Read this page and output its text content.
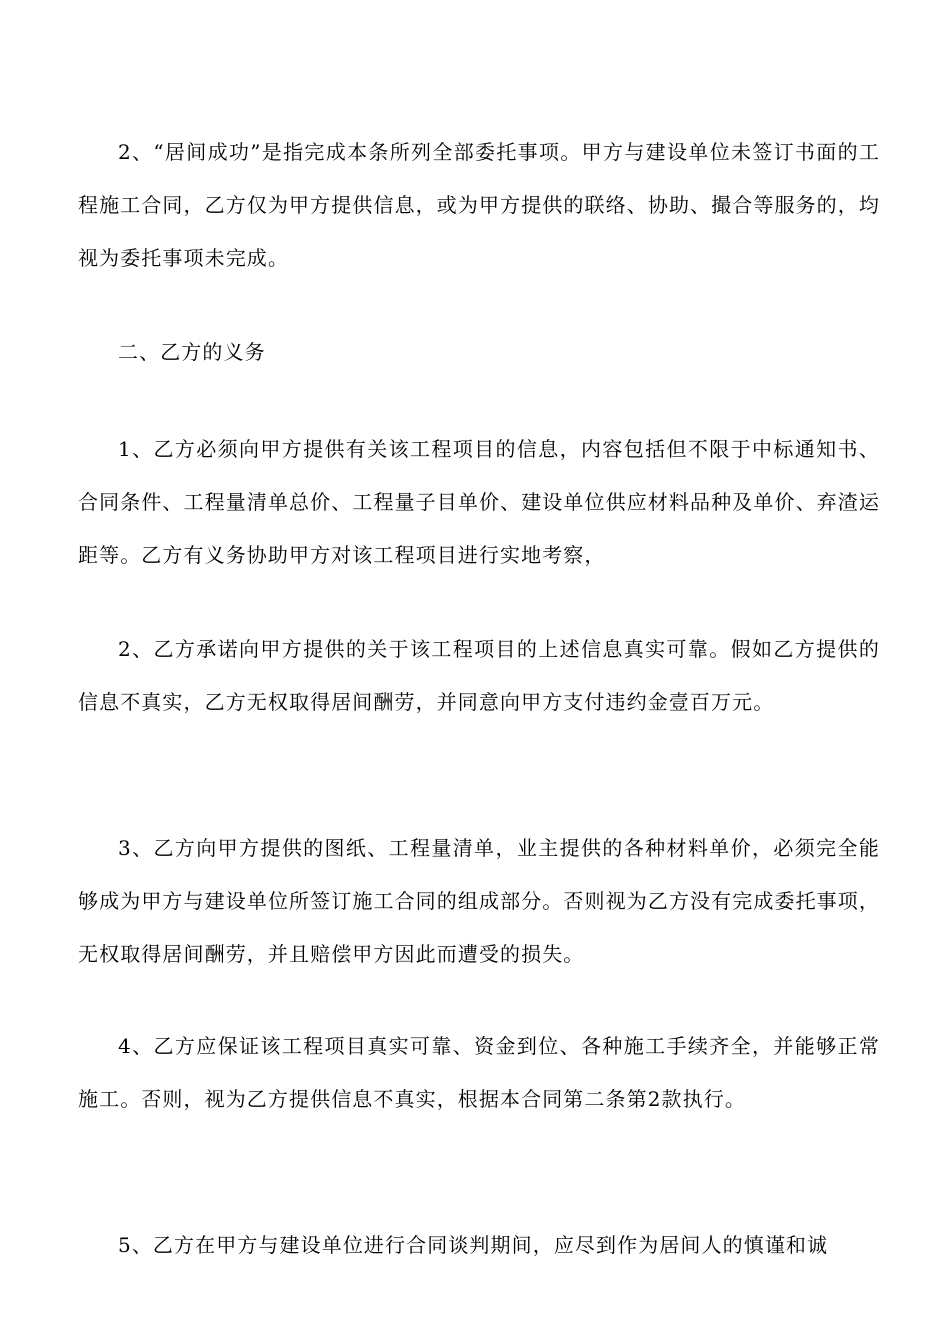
2、“居间成功”是指完成本条所列全部委托事项。甲方与建设单位未签订书面的工程施工合同，乙方仅为甲方提供信息，或为甲方提供的联络、协助、撮合等服务的，均视为委托事项未完成。

二、乙方的义务

1、乙方必须向甲方提供有关该工程项目的信息，内容包括但不限于中标通知书、合同条件、工程量清单总价、工程量子目单价、建设单位供应材料品种及单价、弃渣运距等。乙方有义务协助甲方对该工程项目进行实地考察，

2、乙方承诺向甲方提供的关于该工程项目的上述信息真实可靠。假如乙方提供的信息不真实，乙方无权取得居间酬劳，并同意向甲方支付违约金壹百万元。

3、乙方向甲方提供的图纸、工程量清单，业主提供的各种材料单价，必须完全能够成为甲方与建设单位所签订施工合同的组成部分。否则视为乙方没有完成委托事项，无权取得居间酬劳，并且赔偿甲方因此而遭受的损失。

4、乙方应保证该工程项目真实可靠、资金到位、各种施工手续齐全，并能够正常施工。否则，视为乙方提供信息不真实，根据本合同第二条第2款执行。

5、乙方在甲方与建设单位进行合同谈判期间，应尽到作为居间人的慎谨和诚
